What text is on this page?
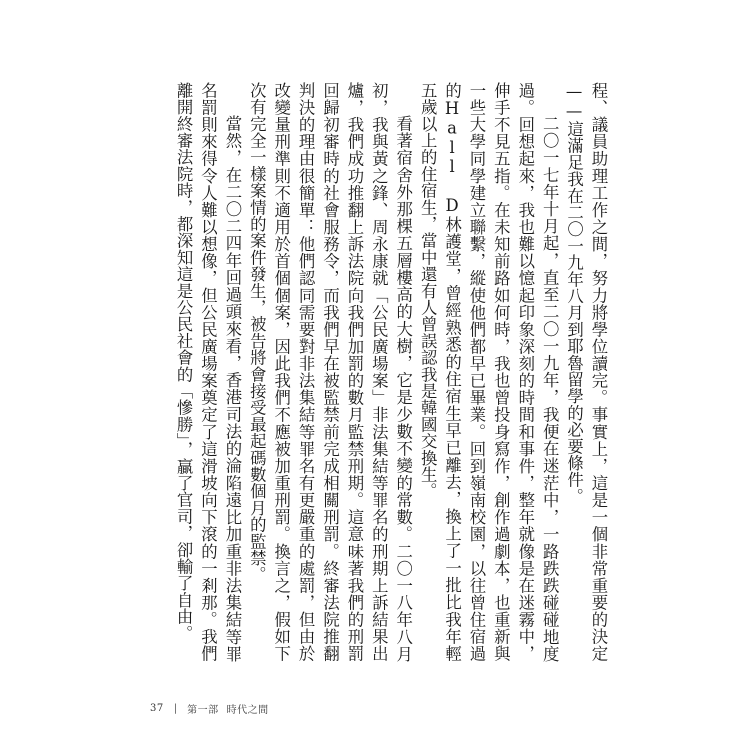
程、議員助理工作之間，努力將學位讀完。事實上，這是一個非常重要的決定——這滿足我在二〇一九年八月到耶魯留學的必要條件。

二〇一七年十月起，直至二〇一九年，我便在迷茫中，一路跌跌碰碰地度過。回想起來，我也難以憶起印象深刻的時間和事件，整年就像是在迷霧中，伸手不見五指。在未知前路如何時，我也曾投身寫作，創作過劇本，也重新與一些大學同學建立聯繫，縱使他們都早已畢業。回到嶺南校園，以往曾住宿過的Hall D林護堂，曾經熟悉的住宿生早已離去，換上了一批比我年輕五歲以上的住宿生，當中還有人曾誤認我是韓國交換生。

看著宿舍外那棵五層樓高的大樹，它是少數不變的常數。二〇一八年八月初，我與黃之鋒、周永康就「公民廣場案」非法集結等罪名的刑期上訴結果出爐，我們成功推翻上訴法院向我們加罰的數月監禁刑期。這意味著我們的刑罰回歸初審時的社會服務令，而我們早在被監禁前完成相關刑罰。終審法院推翻判決的理由很簡單：他們認同需要對非法集結等罪名有更嚴重的處罰，但由於改變量刑準則不適用於首個個案，因此我們不應被加重刑罰。換言之，假如下次有完全一樣案情的案件發生，被告將會接受最起碼數個月的監禁。

當然，在二〇二四年回過頭來看，香港司法的淪陷遠比加重非法集結等罪名罰則來得令人難以想像，但公民廣場案奠定了這滑坡向下滾的一剎那。我們離開終審法院時，都深知這是公民社會的「慘勝」，贏了官司，卻輸了自由。

37 | 第一部 時代之間
